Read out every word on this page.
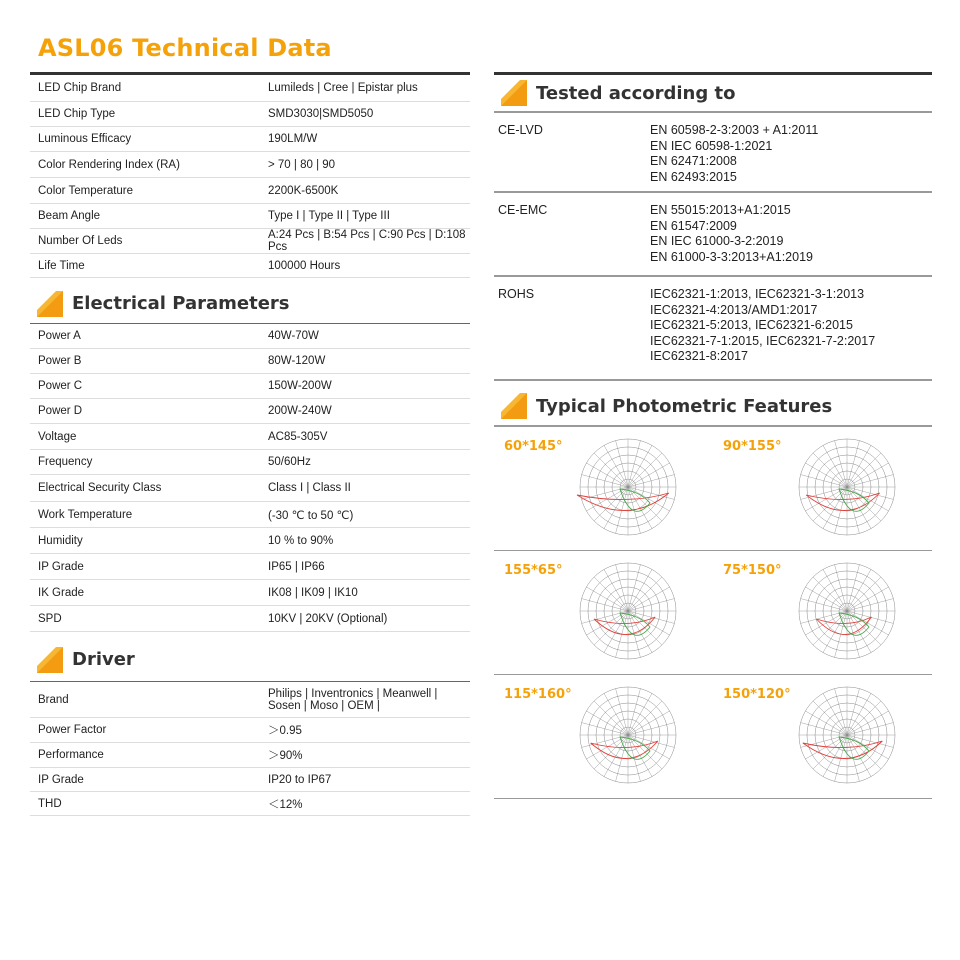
ASL06 Technical Data
LED Chip Brand	Lumileds | Cree | Epistar plus
LED Chip Type	SMD3030|SMD5050
Luminous Efficacy	190LM/W
Color Rendering Index (RA)	> 70 | 80 | 90
Color Temperature	2200K-6500K
Beam Angle	Type I | Type II | Type III
Number Of Leds	A:24 Pcs | B:54 Pcs | C:90 Pcs | D:108 Pcs
Life Time	100000 Hours
Electrical Parameters
Power A	40W-70W
Power B	80W-120W
Power C	150W-200W
Power D	200W-240W
Voltage	AC85-305V
Frequency	50/60Hz
Electrical Security Class	Class I | Class II
Work Temperature	(-30 ℃ to 50 ℃)
Humidity	10 % to 90%
IP Grade	IP65 | IP66
IK Grade	IK08 | IK09 | IK10
SPD	10KV | 20KV (Optional)
Driver
Brand	Philips | Inventronics | Meanwell | Sosen | Moso | OEM |
Power Factor	＞0.95
Performance	＞90%
IP Grade	IP20 to IP67
THD	＜12%
Tested according to
CE-LVD	EN 60598-2-3:2003 + A1:2011
EN IEC 60598-1:2021
EN 62471:2008
EN 62493:2015
CE-EMC	EN 55015:2013+A1:2015
EN 61547:2009
EN IEC 61000-3-2:2019
EN 61000-3-3:2013+A1:2019
ROHS	IEC62321-1:2013, IEC62321-3-1:2013
IEC62321-4:2013/AMD1:2017
IEC62321-5:2013, IEC62321-6:2015
IEC62321-7-1:2015, IEC62321-7-2:2017
IEC62321-8:2017
Typical Photometric Features
60*145°	90*155°
155*65°	75*150°
115*160°	150*120°
